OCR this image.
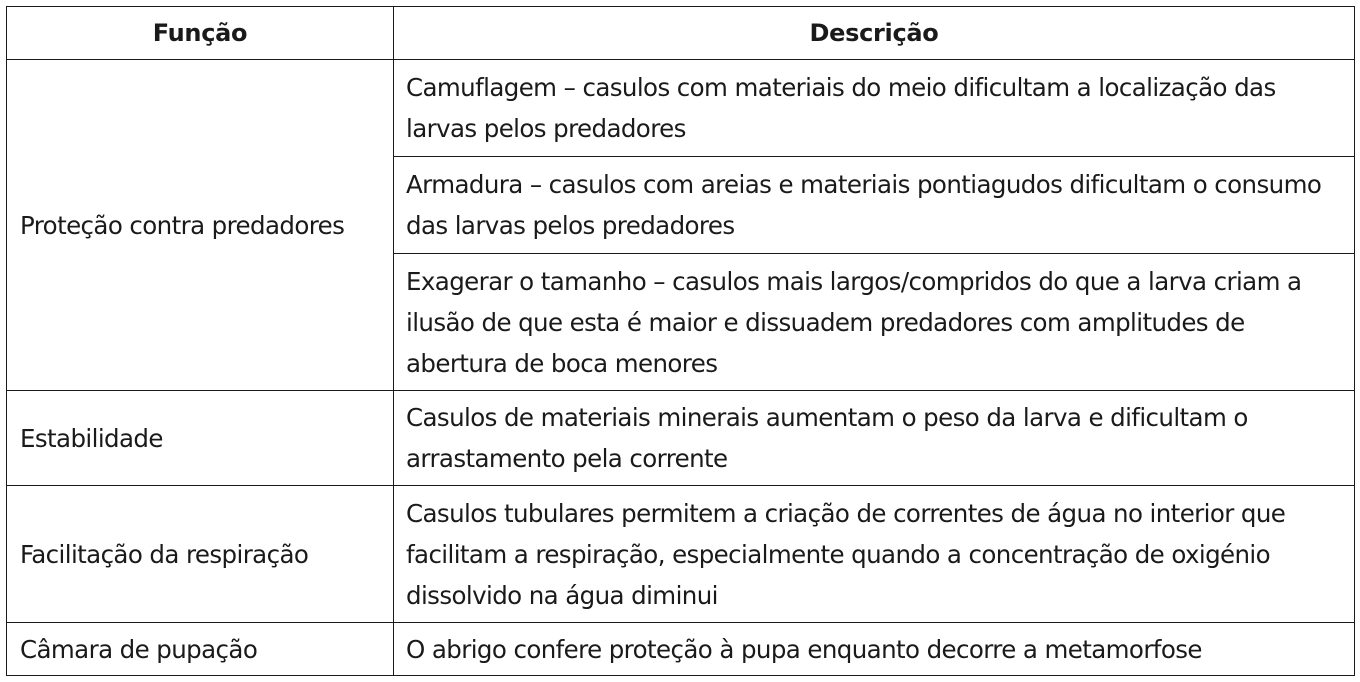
Função	Descrição
Proteção contra predadores	Camuflagem – casulos com materiais do meio dificultam a localização das larvas pelos predadores
	Armadura – casulos com areias e materiais pontiagudos dificultam o consumo das larvas pelos predadores
	Exagerar o tamanho – casulos mais largos/compridos do que a larva criam a ilusão de que esta é maior e dissuadem predadores com amplitudes de abertura de boca menores
Estabilidade	Casulos de materiais minerais aumentam o peso da larva e dificultam o arrastamento pela corrente
Facilitação da respiração	Casulos tubulares permitem a criação de correntes de água no interior que facilitam a respiração, especialmente quando a concentração de oxigénio dissolvido na água diminui
Câmara de pupação	O abrigo confere proteção à pupa enquanto decorre a metamorfose
